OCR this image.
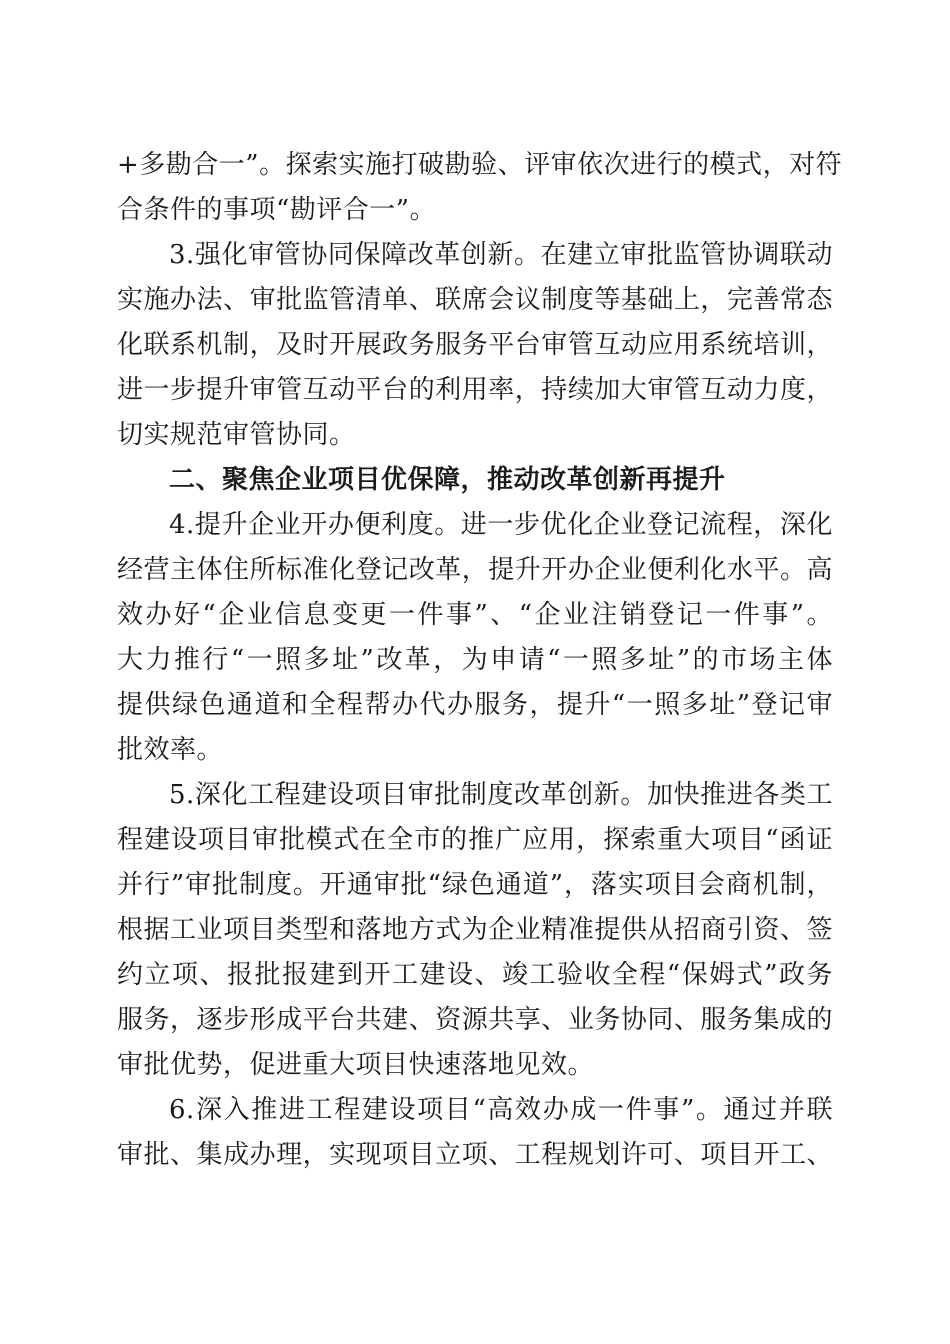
+多勘合一”。探索实施打破勘验、评审依次进行的模式，对符
合条件的事项“勘评合一”。
3.强化审管协同保障改革创新。在建立审批监管协调联动
实施办法、审批监管清单、联席会议制度等基础上，完善常态
化联系机制，及时开展政务服务平台审管互动应用系统培训，
进一步提升审管互动平台的利用率，持续加大审管互动力度，
切实规范审管协同。
二、聚焦企业项目优保障，推动改革创新再提升
4.提升企业开办便利度。进一步优化企业登记流程，深化
经营主体住所标准化登记改革，提升开办企业便利化水平。高
效办好“企业信息变更一件事”、“企业注销登记一件事”。
大力推行“一照多址”改革，为申请“一照多址”的市场主体
提供绿色通道和全程帮办代办服务，提升“一照多址”登记审
批效率。
5.深化工程建设项目审批制度改革创新。加快推进各类工
程建设项目审批模式在全市的推广应用，探索重大项目“函证
并行”审批制度。开通审批“绿色通道”，落实项目会商机制，
根据工业项目类型和落地方式为企业精准提供从招商引资、签
约立项、报批报建到开工建设、竣工验收全程“保姆式”政务
服务，逐步形成平台共建、资源共享、业务协同、服务集成的
审批优势，促进重大项目快速落地见效。
6.深入推进工程建设项目“高效办成一件事”。通过并联
审批、集成办理，实现项目立项、工程规划许可、项目开工、
